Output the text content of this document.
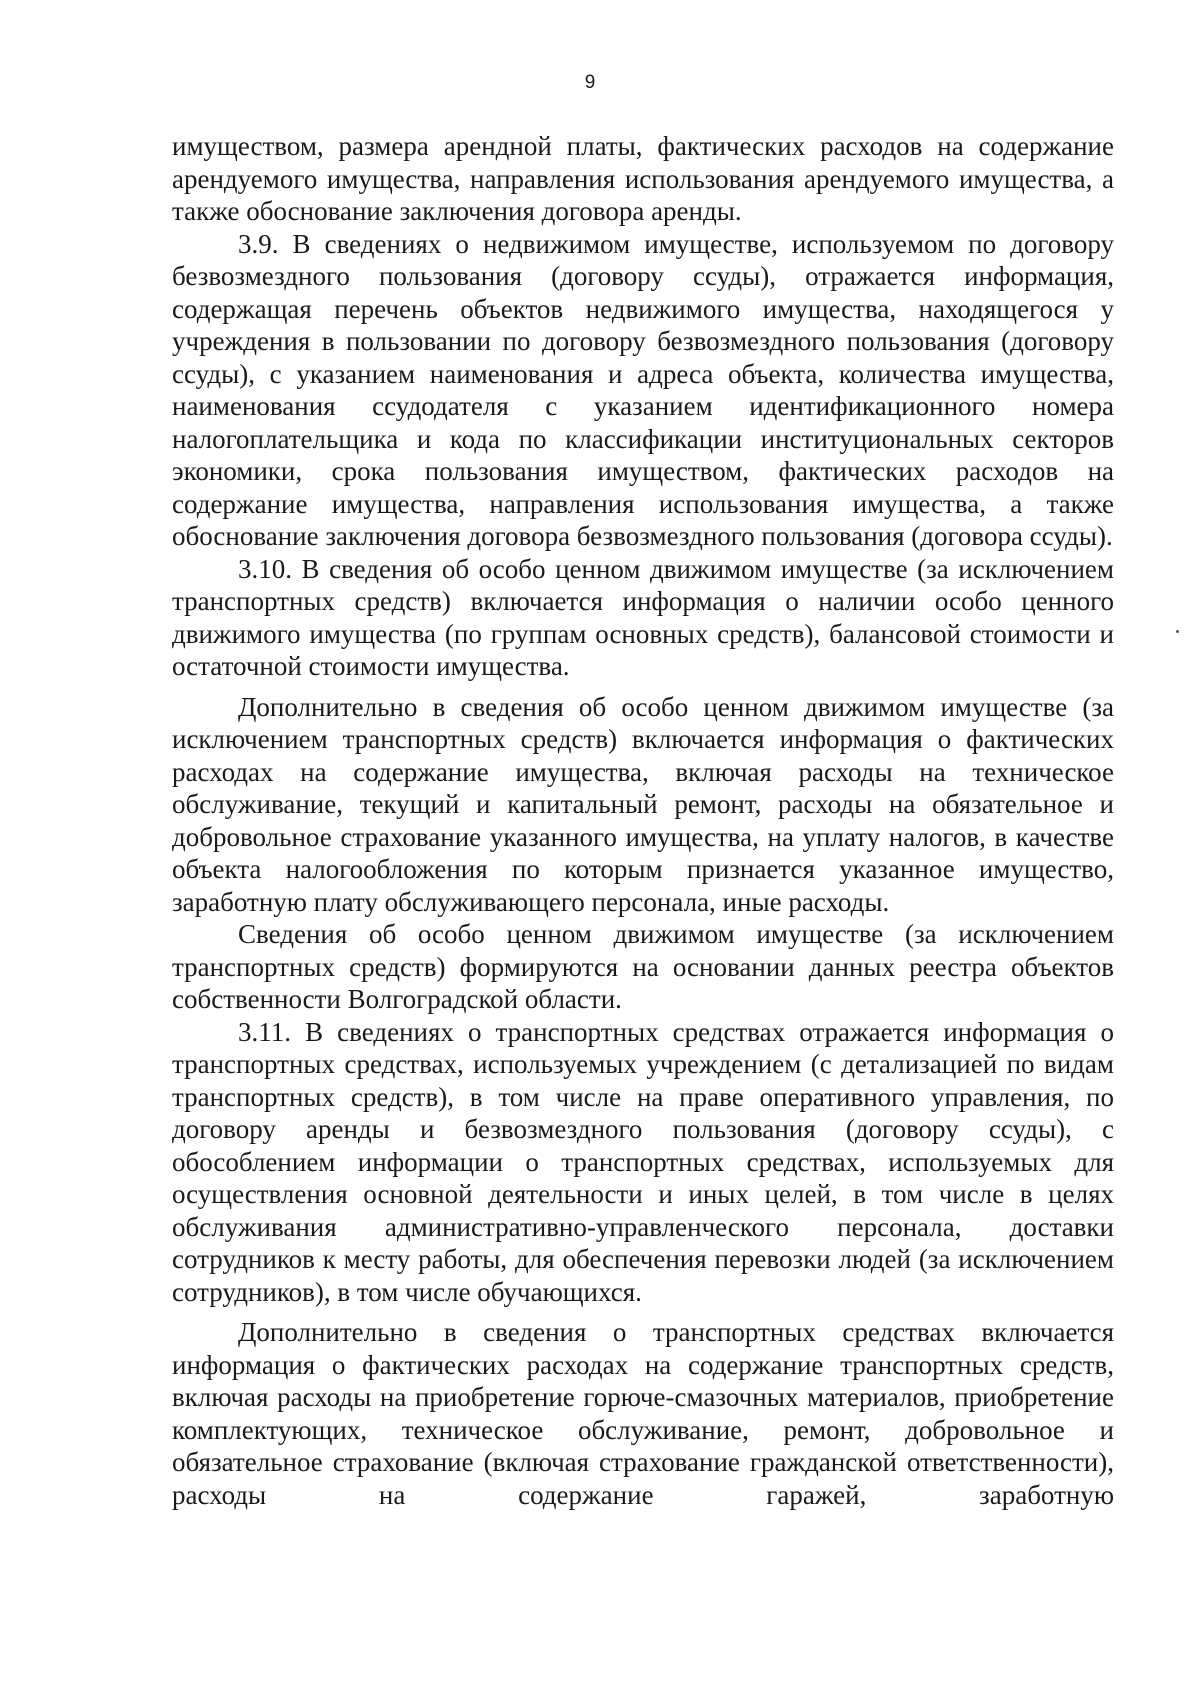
9

имуществом, размера арендной платы, фактических расходов на содержание арендуемого имущества, направления использования арендуемого имущества, а также обоснование заключения договора аренды.

3.9. В сведениях о недвижимом имуществе, используемом по договору безвозмездного пользования (договору ссуды), отражается информация, содержащая перечень объектов недвижимого имущества, находящегося у учреждения в пользовании по договору безвозмездного пользования (договору ссуды), с указанием наименования и адреса объекта, количества имущества, наименования ссудодателя с указанием идентификационного номера налогоплательщика и кода по классификации институциональных секторов экономики, срока пользования имуществом, фактических расходов на содержание имущества, направления использования имущества, а также обоснование заключения договора безвозмездного пользования (договора ссуды).

3.10. В сведения об особо ценном движимом имуществе (за исключением транспортных средств) включается информация о наличии особо ценного движимого имущества (по группам основных средств), балансовой стоимости и остаточной стоимости имущества.

Дополнительно в сведения об особо ценном движимом имуществе (за исключением транспортных средств) включается информация о фактических расходах на содержание имущества, включая расходы на техническое обслуживание, текущий и капитальный ремонт, расходы на обязательное и добровольное страхование указанного имущества, на уплату налогов, в качестве объекта налогообложения по которым признается указанное имущество, заработную плату обслуживающего персонала, иные расходы.

Сведения об особо ценном движимом имуществе (за исключением транспортных средств) формируются на основании данных реестра объектов собственности Волгоградской области.

3.11. В сведениях о транспортных средствах отражается информация о транспортных средствах, используемых учреждением (с детализацией по видам транспортных средств), в том числе на праве оперативного управления, по договору аренды и безвозмездного пользования (договору ссуды), с обособлением информации о транспортных средствах, используемых для осуществления основной деятельности и иных целей, в том числе в целях обслуживания административно-управленческого персонала, доставки сотрудников к месту работы, для обеспечения перевозки людей (за исключением сотрудников), в том числе обучающихся.

Дополнительно в сведения о транспортных средствах включается информация о фактических расходах на содержание транспортных средств, включая расходы на приобретение горюче-смазочных материалов, приобретение комплектующих, техническое обслуживание, ремонт, добровольное и обязательное страхование (включая страхование гражданской ответственности), расходы на содержание гаражей, заработную
